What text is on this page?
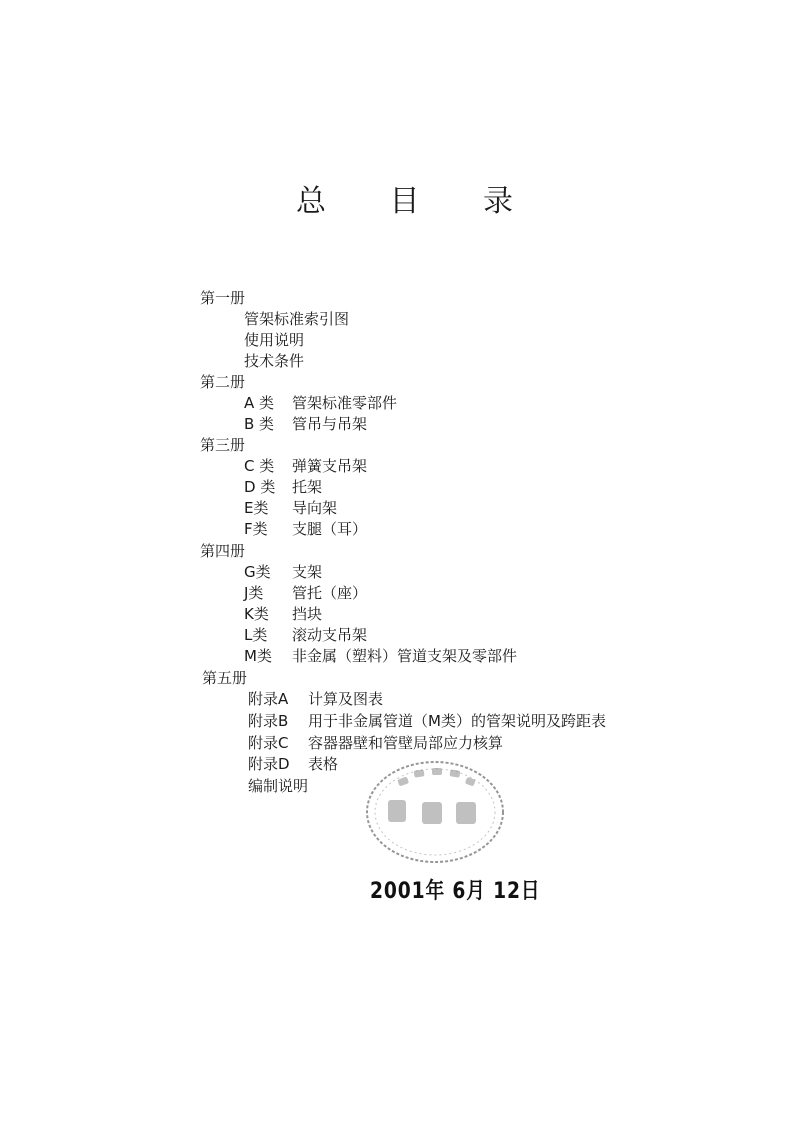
总 目 录
第一册
管架标准索引图
使用说明
技术条件
第二册
A 类 管架标准零部件
B 类 管吊与吊架
第三册
C 类 弹簧支吊架
D 类 托架
E类 导向架
F类 支腿（耳）
第四册
G类 支架
J类 管托（座）
K类 挡块
L类 滚动支吊架
M类 非金属（塑料）管道支架及零部件
第五册
附录A 计算及图表
附录B 用于非金属管道（M类）的管架说明及跨距表
附录C 容器器壁和管壁局部应力核算
附录D 表格
编制说明
2001年 6月 12日
